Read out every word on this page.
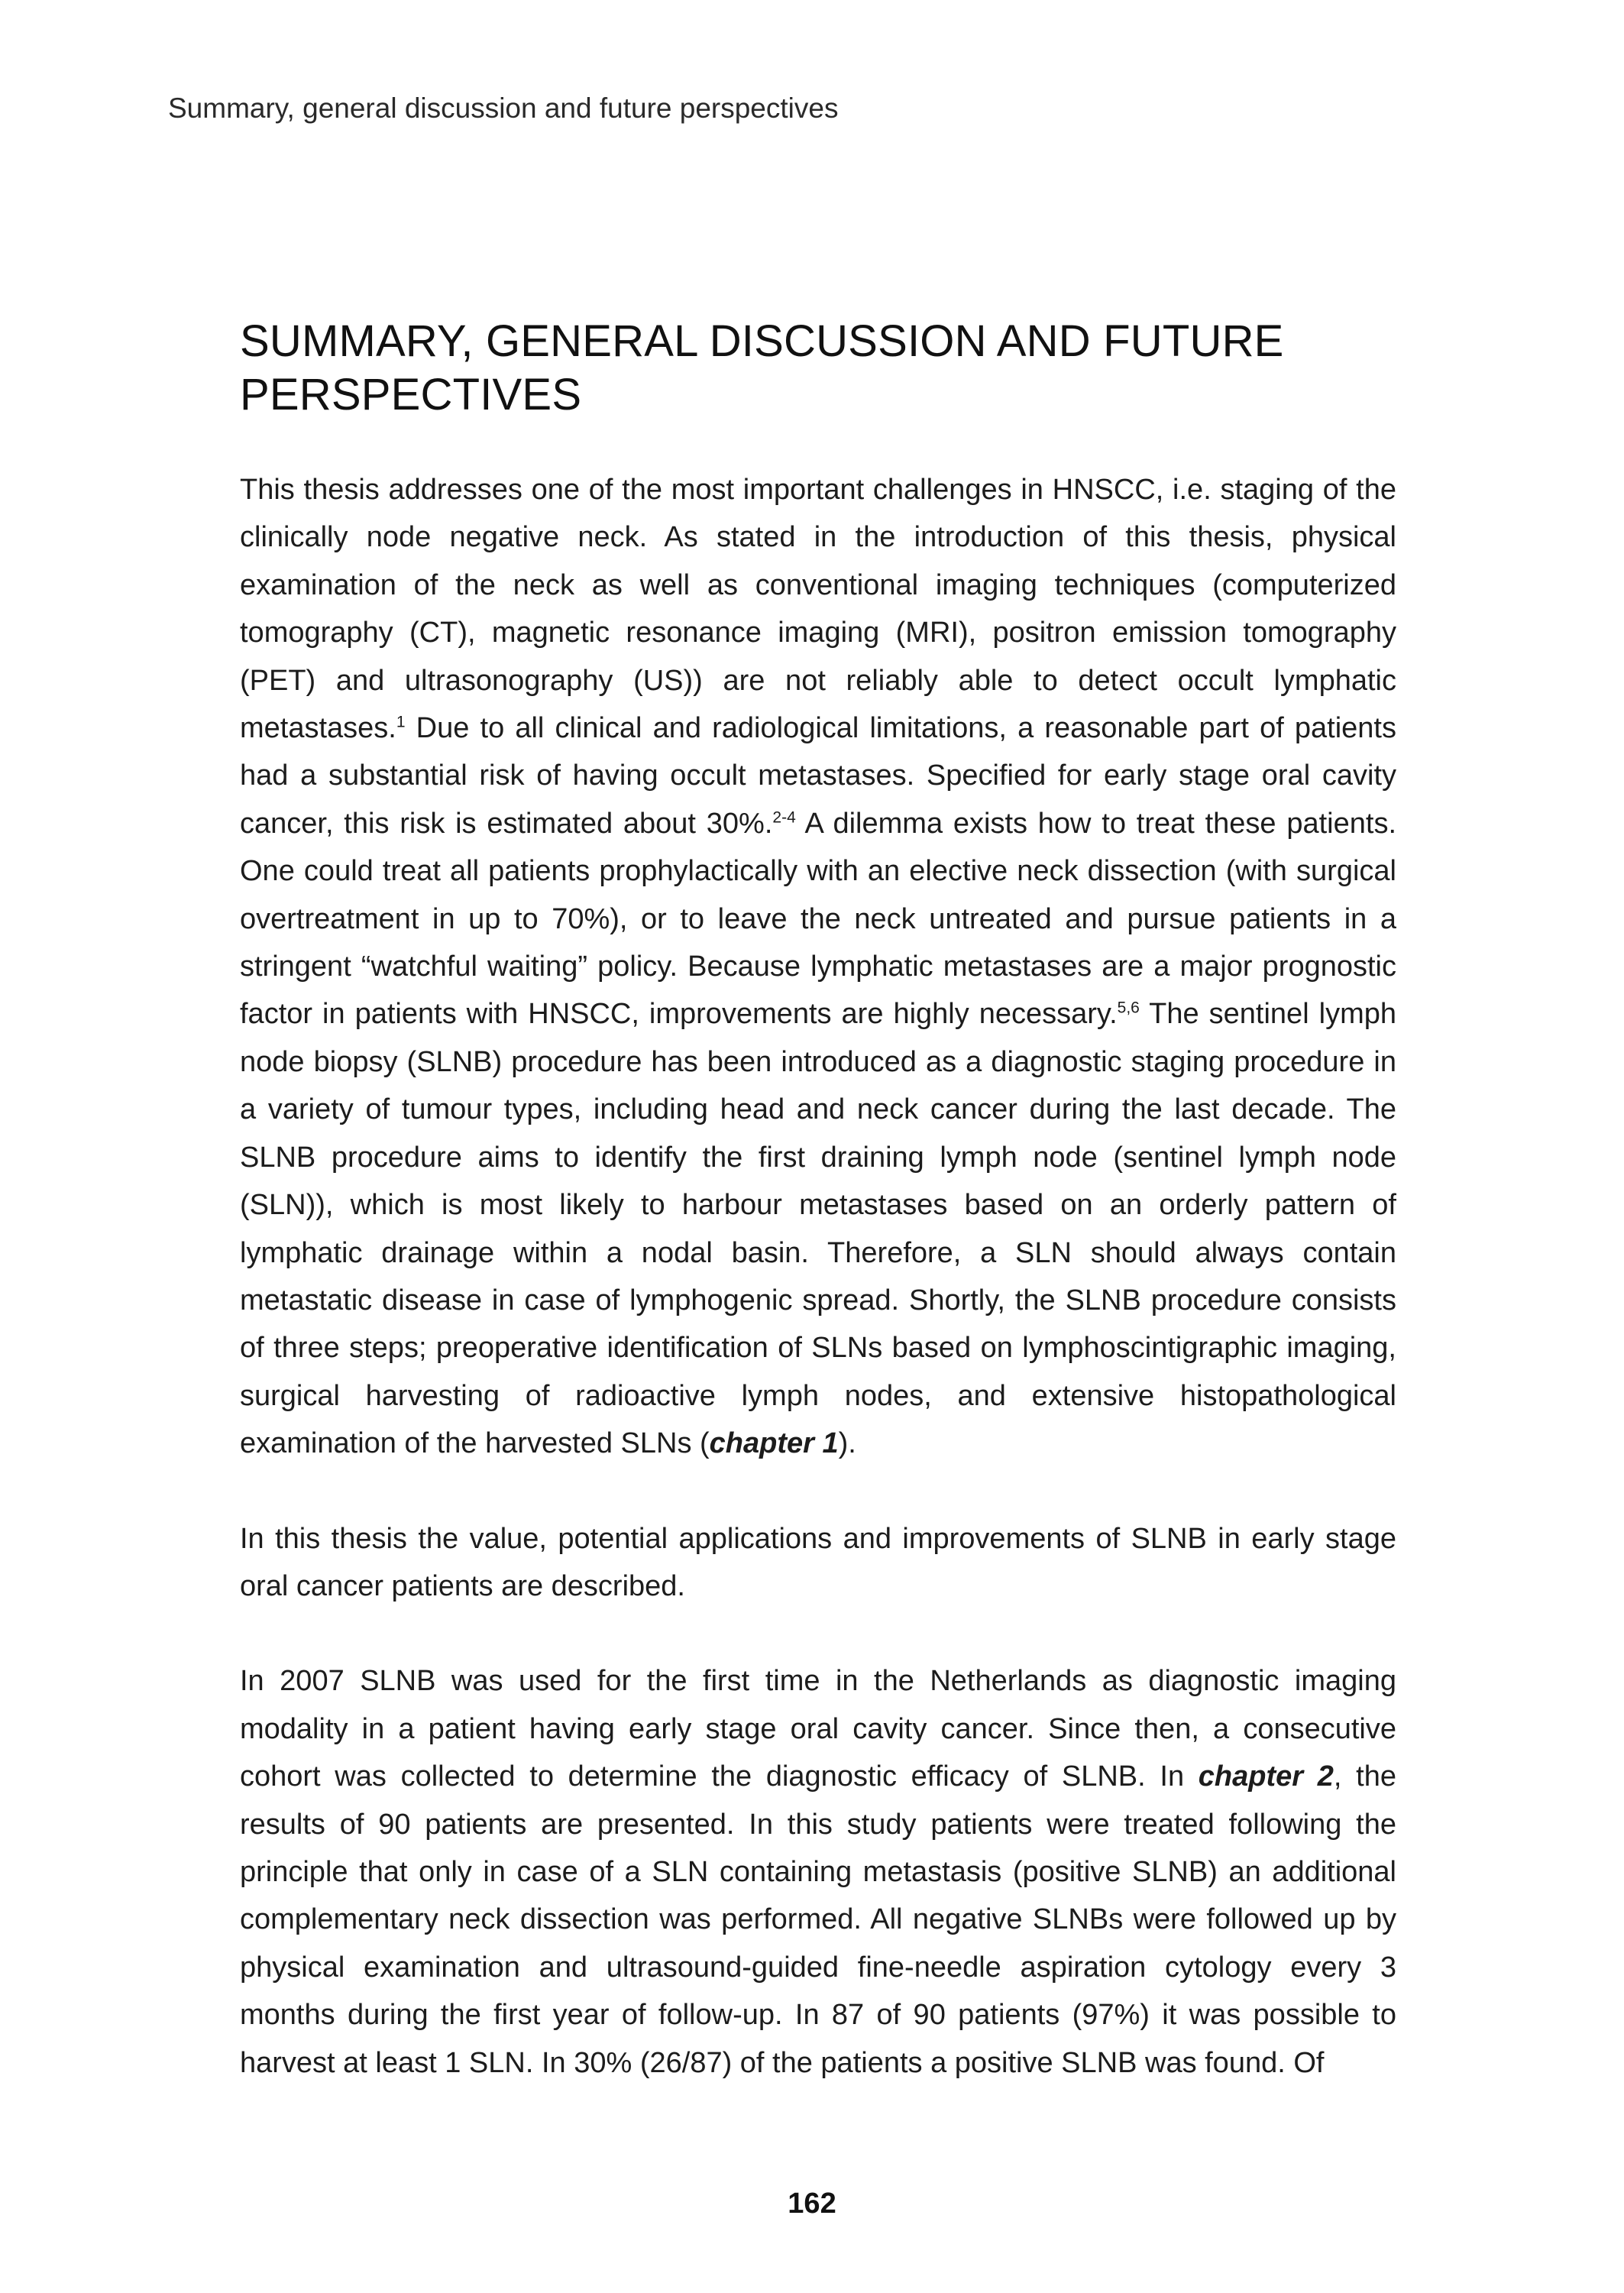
Summary, general discussion and future perspectives
SUMMARY, GENERAL DISCUSSION AND FUTURE
PERSPECTIVES

This thesis addresses one of the most important challenges in HNSCC, i.e. staging of the clinically node negative neck. As stated in the introduction of this thesis, physical examination of the neck as well as conventional imaging techniques (computerized tomography (CT), magnetic resonance imaging (MRI), positron emission tomography (PET) and ultrasonography (US)) are not reliably able to detect occult lymphatic metastases.$^1$ Due to all clinical and radiological limitations, a reasonable part of patients had a substantial risk of having occult metastases. Specified for early stage oral cavity cancer, this risk is estimated about 30%.$^{2-4}$ A dilemma exists how to treat these patients. One could treat all patients prophylactically with an elective neck dissection (with surgical overtreatment in up to 70%), or to leave the neck untreated and pursue patients in a stringent “watchful waiting” policy. Because lymphatic metastases are a major prognostic factor in patients with HNSCC, improvements are highly necessary.$^{5,6}$ The sentinel lymph node biopsy (SLNB) procedure has been introduced as a diagnostic staging procedure in a variety of tumour types, including head and neck cancer during the last decade. The SLNB procedure aims to identify the first draining lymph node (sentinel lymph node (SLN)), which is most likely to harbour metastases based on an orderly pattern of lymphatic drainage within a nodal basin. Therefore, a SLN should always contain metastatic disease in case of lymphogenic spread. Shortly, the SLNB procedure consists of three steps; preoperative identification of SLNs based on lymphoscintigraphic imaging, surgical harvesting of radioactive lymph nodes, and extensive histopathological examination of the harvested SLNs (chapter 1).

In this thesis the value, potential applications and improvements of SLNB in early stage oral cancer patients are described.

In 2007 SLNB was used for the first time in the Netherlands as diagnostic imaging modality in a patient having early stage oral cavity cancer. Since then, a consecutive cohort was collected to determine the diagnostic efficacy of SLNB. In chapter 2, the results of 90 patients are presented. In this study patients were treated following the principle that only in case of a SLN containing metastasis (positive SLNB) an additional complementary neck dissection was performed. All negative SLNBs were followed up by physical examination and ultrasound-guided fine-needle aspiration cytology every 3 months during the first year of follow-up. In 87 of 90 patients (97%) it was possible to harvest at least 1 SLN. In 30% (26/87) of the patients a positive SLNB was found. Of

162
